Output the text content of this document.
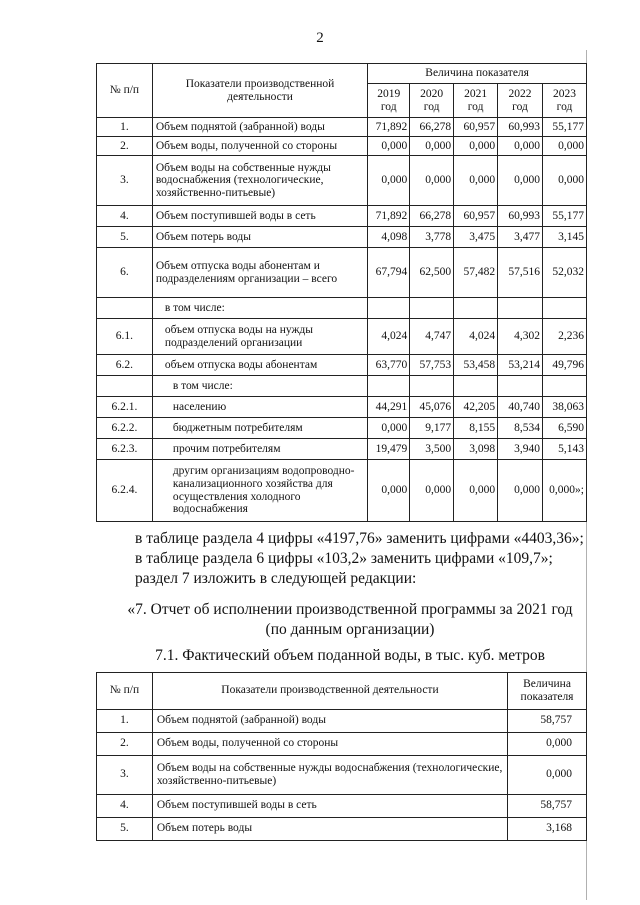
2
№ п/п	Показатели производственной деятельности	Величина показателя				
		2019 год	2020 год	2021 год	2022 год	2023 год
1.	Объем поднятой (забранной) воды	71,892	66,278	60,957	60,993	55,177
2.	Объем воды, полученной со стороны	0,000	0,000	0,000	0,000	0,000
3.	Объем воды на собственные нужды водоснабжения (технологические, хозяйственно-питьевые)	0,000	0,000	0,000	0,000	0,000
4.	Объем поступившей воды в сеть	71,892	66,278	60,957	60,993	55,177
5.	Объем потерь воды	4,098	3,778	3,475	3,477	3,145
6.	Объем отпуска воды абонентам и подразделениям организации – всего	67,794	62,500	57,482	57,516	52,032
	в том числе:					
6.1.	объем отпуска воды на нужды подразделений организации	4,024	4,747	4,024	4,302	2,236
6.2.	объем отпуска воды абонентам	63,770	57,753	53,458	53,214	49,796
	в том числе:					
6.2.1.	населению	44,291	45,076	42,205	40,740	38,063
6.2.2.	бюджетным потребителям	0,000	9,177	8,155	8,534	6,590
6.2.3.	прочим потребителям	19,479	3,500	3,098	3,940	5,143
6.2.4.	другим организациям водопроводно-канализационного хозяйства для осуществления холодного водоснабжения	0,000	0,000	0,000	0,000	0,000»;
в таблице раздела 4 цифры «4197,76» заменить цифрами «4403,36»;
в таблице раздела 6 цифры «103,2» заменить цифрами «109,7»;
раздел 7 изложить в следующей редакции:
«7. Отчет об исполнении производственной программы за 2021 год
(по данным организации)
7.1. Фактический объем поданной воды, в тыс. куб. метров
№ п/п	Показатели производственной деятельности	Величина показателя
1.	Объем поднятой (забранной) воды	58,757
2.	Объем воды, полученной со стороны	0,000
3.	Объем воды на собственные нужды водоснабжения (технологические, хозяйственно-питьевые)	0,000
4.	Объем поступившей воды в сеть	58,757
5.	Объем потерь воды	3,168
